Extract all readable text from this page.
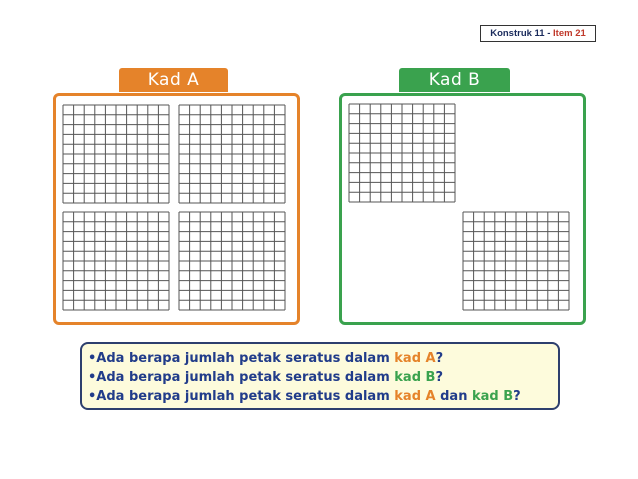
Konstruk 11 - Item 21
Kad A	Kad B
•Ada berapa jumlah petak seratus dalam kad A?
•Ada berapa jumlah petak seratus dalam kad B?
•Ada berapa jumlah petak seratus dalam kad A dan kad B?
